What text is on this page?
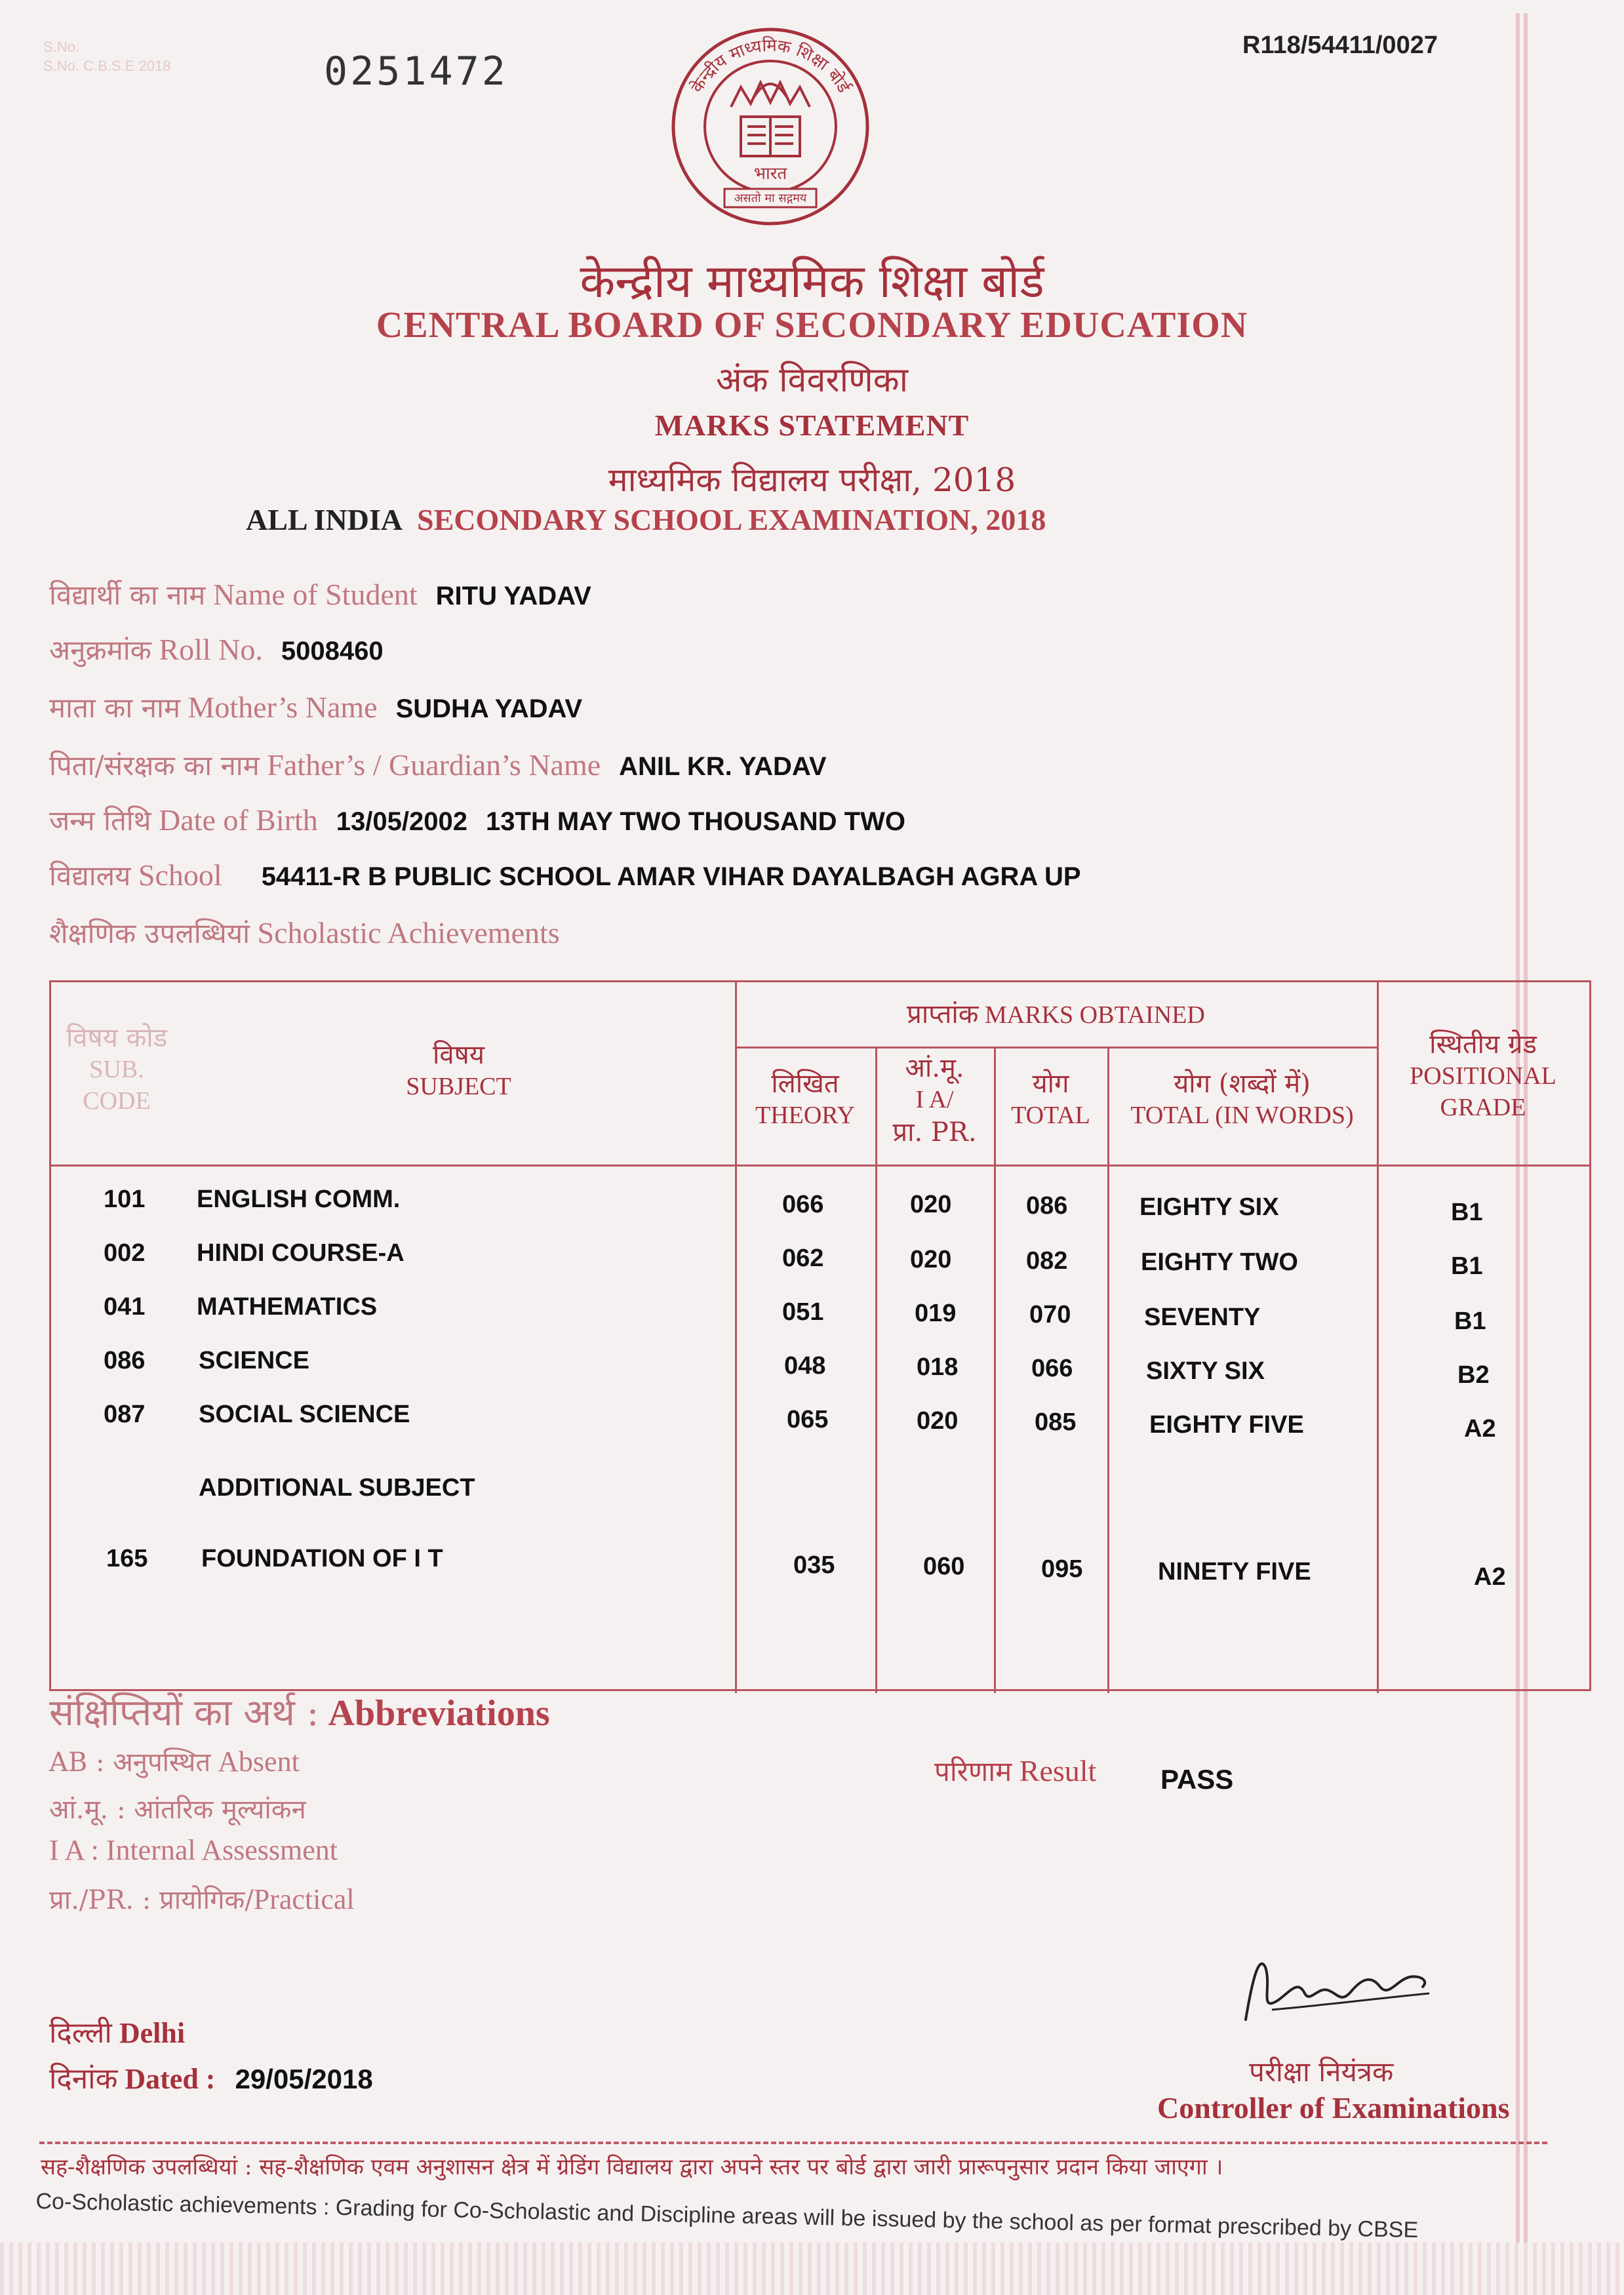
S.No.
S.No. C.B.S.E 2018	0251472
R118/54411/0027
केन्द्रीय माध्यमिक शिक्षा बोर्ड
भारत
असतो मा सद्गमय
केन्द्रीय माध्यमिक शिक्षा बोर्ड
CENTRAL BOARD OF SECONDARY EDUCATION
अंक विवरणिका
MARKS STATEMENT
माध्यमिक विद्यालय परीक्षा, 2018
ALL INDIA SECONDARY SCHOOL EXAMINATION, 2018
विद्यार्थी का नाम Name of Student RITU YADAV
अनुक्रमांक Roll No. 5008460
माता का नाम Mother’s Name SUDHA YADAV
पिता/संरक्षक का नाम Father’s / Guardian’s Name ANIL KR. YADAV
जन्म तिथि Date of Birth 13/05/2002 13TH MAY TWO THOUSAND TWO
विद्यालय School 54411-R B PUBLIC SCHOOL AMAR VIHAR DAYALBAGH AGRA UP
शैक्षणिक उपलब्धियां Scholastic Achievements
विषय कोड
SUB.
CODE
विषय
SUBJECT
प्राप्तांक MARKS OBTAINED
लिखित
THEORY
आं.मू.
I A/
प्रा. PR.
योग
TOTAL
योग (शब्दों में)
TOTAL (IN WORDS)
स्थितीय ग्रेड
POSITIONAL
GRADE
101 ENGLISH COMM.	066	020	086	EIGHTY SIX	B1
002 HINDI COURSE-A	062	020	082	EIGHTY TWO	B1
041 MATHEMATICS	051	019	070	SEVENTY	B1
086 SCIENCE	048	018	066	SIXTY SIX	B2
087 SOCIAL SCIENCE	065	020	085	EIGHTY FIVE	A2
ADDITIONAL SUBJECT
165 FOUNDATION OF I T	035	060	095	NINETY FIVE	A2
संक्षिप्तियों का अर्थ : Abbreviations
AB : अनुपस्थित Absent
आं.मू. : आंतरिक मूल्यांकन
I A : Internal Assessment
प्रा./PR. : प्रायोगिक/Practical
परिणाम Result PASS
दिल्ली Delhi
दिनांक Dated : 29/05/2018	परीक्षा नियंत्रक
Controller of Examinations
सह-शैक्षणिक उपलब्धियां : सह-शैक्षणिक एवम अनुशासन क्षेत्र में ग्रेडिंग विद्यालय द्वारा अपने स्तर पर बोर्ड द्वारा जारी प्रारूपनुसार प्रदान किया जाएगा ।
Co-Scholastic achievements : Grading for Co-Scholastic and Discipline areas will be issued by the school as per format prescribed by CBSE
